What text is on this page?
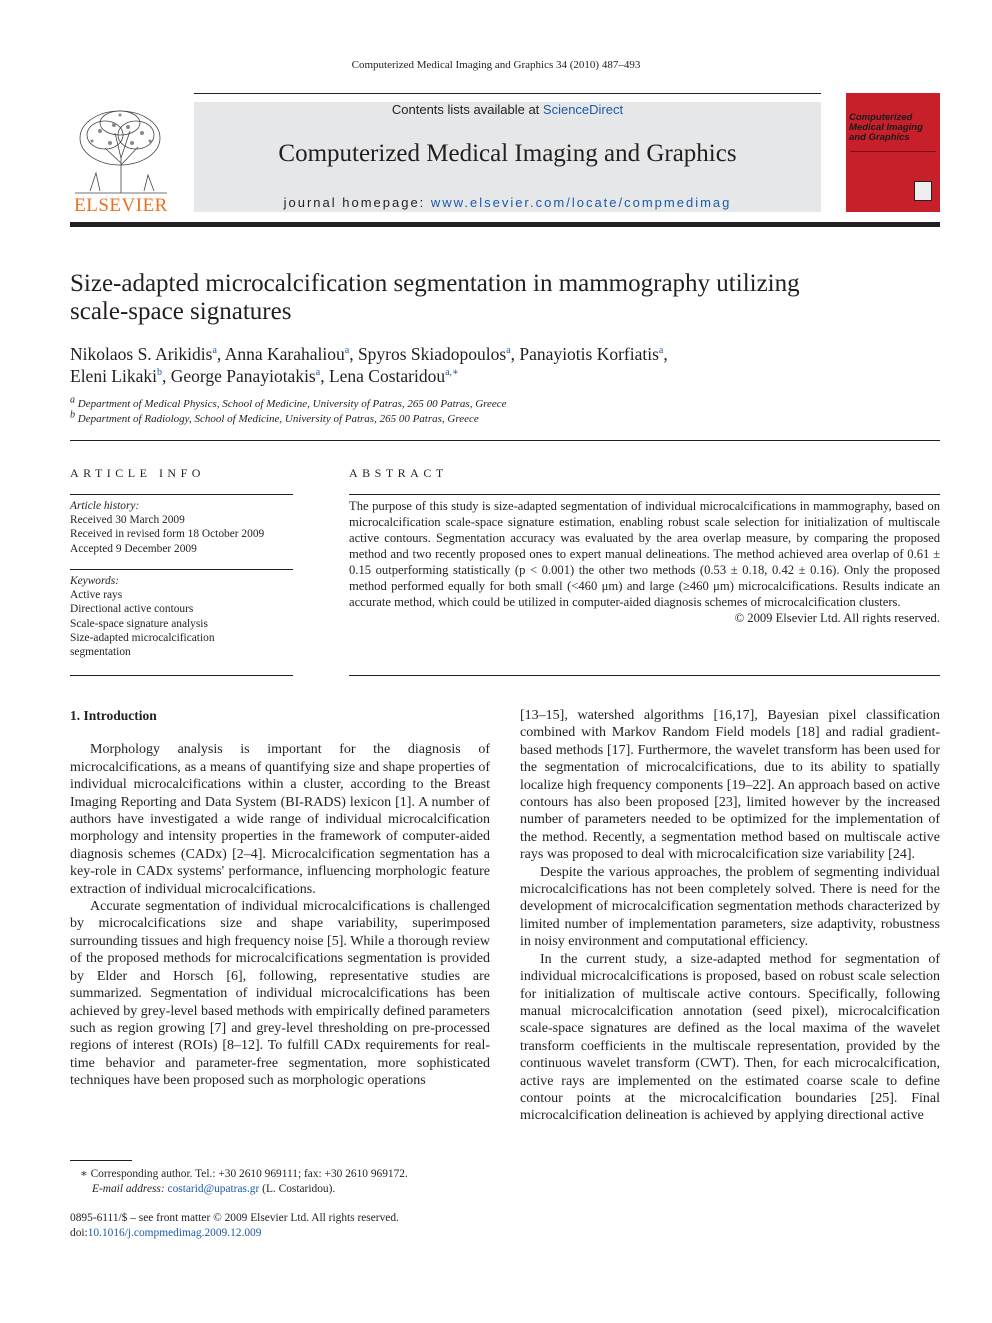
Computerized Medical Imaging and Graphics 34 (2010) 487–493
ELSEVIER
Contents lists available at ScienceDirect
Computerized Medical Imaging and Graphics
journal homepage: www.elsevier.com/locate/compmedimag
Computerized Medical Imaging and Graphics
Size-adapted microcalcification segmentation in mammography utilizing
scale-space signatures
Nikolaos S. Arikidis$^a$, Anna Karahaliou$^a$, Spyros Skiadopoulos$^a$, Panayiotis Korfiatis$^a$,
Eleni Likaki$^b$, George Panayiotakis$^a$, Lena Costaridou$^{a,∗}$
$^a$ Department of Medical Physics, School of Medicine, University of Patras, 265 00 Patras, Greece
$^b$ Department of Radiology, School of Medicine, University of Patras, 265 00 Patras, Greece
ARTICLE INFO
Article history:
Received 30 March 2009
Received in revised form 18 October 2009
Accepted 9 December 2009
Keywords:
Active rays
Directional active contours
Scale-space signature analysis
Size-adapted microcalcification
segmentation
ABSTRACT
The purpose of this study is size-adapted segmentation of individual microcalcifications in mammography, based on microcalcification scale-space signature estimation, enabling robust scale selection for initialization of multiscale active contours. Segmentation accuracy was evaluated by the area overlap measure, by comparing the proposed method and two recently proposed ones to expert manual delineations. The method achieved area overlap of 0.61 ± 0.15 outperforming statistically (p < 0.001) the other two methods (0.53 ± 0.18, 0.42 ± 0.16). Only the proposed method performed equally for both small (<460 μm) and large (≥460 μm) microcalcifications. Results indicate an accurate method, which could be utilized in computer-aided diagnosis schemes of microcalcification clusters.
© 2009 Elsevier Ltd. All rights reserved.
1. Introduction

Morphology analysis is important for the diagnosis of microcalcifications, as a means of quantifying size and shape properties of individual microcalcifications within a cluster, according to the Breast Imaging Reporting and Data System (BI-RADS) lexicon [1]. A number of authors have investigated a wide range of individual microcalcification morphology and intensity properties in the framework of computer-aided diagnosis schemes (CADx) [2–4]. Microcalcification segmentation has a key-role in CADx systems' performance, influencing morphologic feature extraction of individual microcalcifications.

Accurate segmentation of individual microcalcifications is challenged by microcalcifications size and shape variability, superimposed surrounding tissues and high frequency noise [5]. While a thorough review of the proposed methods for microcalcifications segmentation is provided by Elder and Horsch [6], following, representative studies are summarized. Segmentation of individual microcalcifications has been achieved by grey-level based methods with empirically defined parameters such as region growing [7] and grey-level thresholding on pre-processed regions of interest (ROIs) [8–12]. To fulfill CADx requirements for real-time behavior and parameter-free segmentation, more sophisticated techniques have been proposed such as morphologic operations

[13–15], watershed algorithms [16,17], Bayesian pixel classification combined with Markov Random Field models [18] and radial gradient-based methods [17]. Furthermore, the wavelet transform has been used for the segmentation of microcalcifications, due to its ability to spatially localize high frequency components [19–22]. An approach based on active contours has also been proposed [23], limited however by the increased number of parameters needed to be optimized for the implementation of the method. Recently, a segmentation method based on multiscale active rays was proposed to deal with microcalcification size variability [24].

Despite the various approaches, the problem of segmenting individual microcalcifications has not been completely solved. There is need for the development of microcalcification segmentation methods characterized by limited number of implementation parameters, size adaptivity, robustness in noisy environment and computational efficiency.

In the current study, a size-adapted method for segmentation of individual microcalcifications is proposed, based on robust scale selection for initialization of multiscale active contours. Specifically, following manual microcalcification annotation (seed pixel), microcalcification scale-space signatures are defined as the local maxima of the wavelet transform coefficients in the multiscale representation, provided by the continuous wavelet transform (CWT). Then, for each microcalcification, active rays are implemented on the estimated coarse scale to define contour points at the microcalcification boundaries [25]. Final microcalcification delineation is achieved by applying directional active

∗ Corresponding author. Tel.: +30 2610 969111; fax: +30 2610 969172.
E-mail address: costarid@upatras.gr (L. Costaridou).
0895-6111/$ – see front matter © 2009 Elsevier Ltd. All rights reserved.
doi:10.1016/j.compmedimag.2009.12.009
